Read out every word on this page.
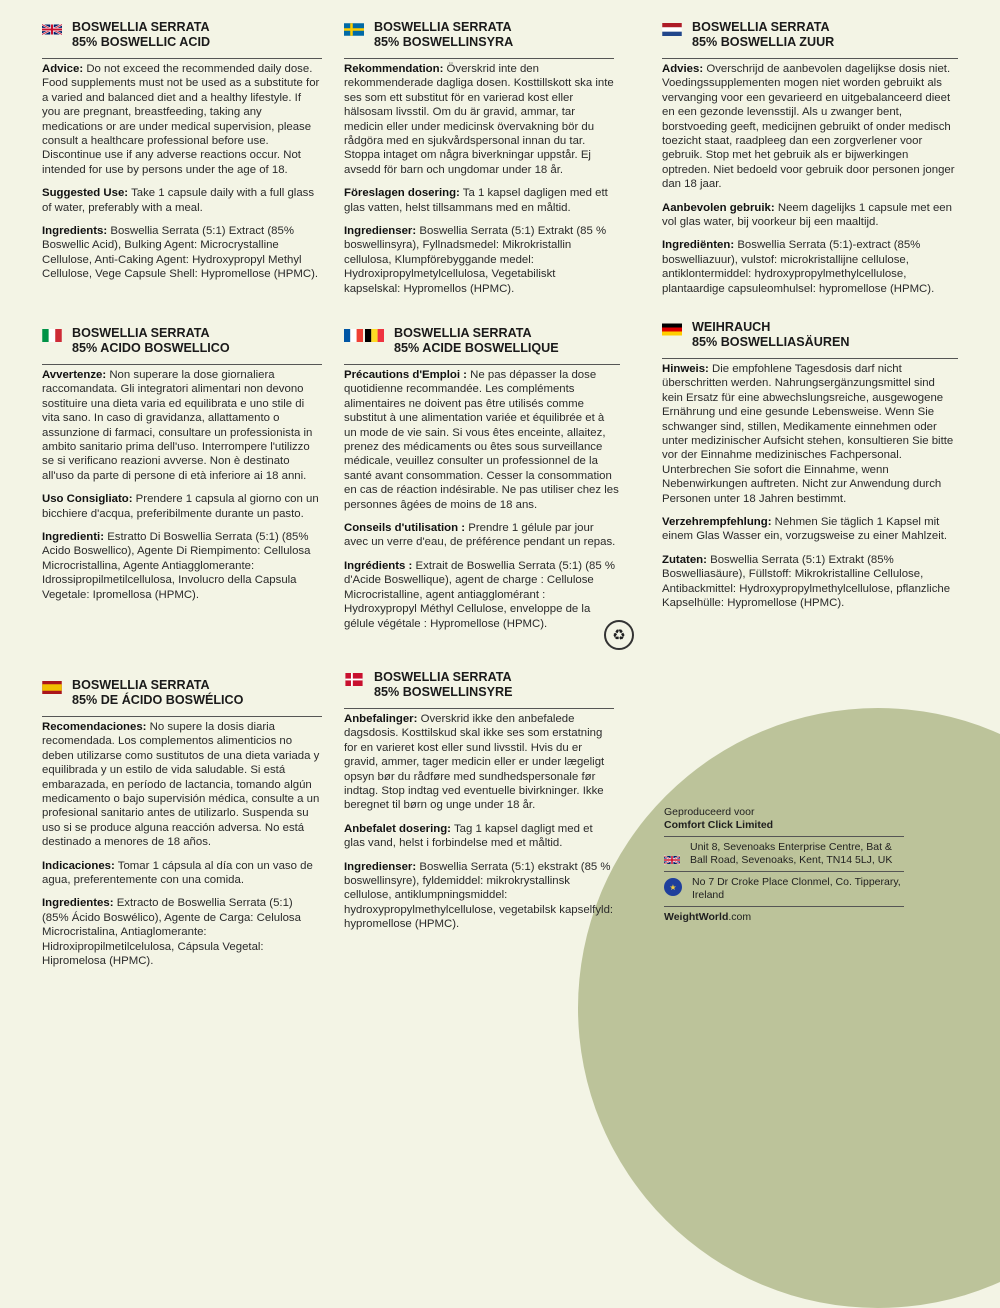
BOSWELLIA SERRATA
85% BOSWELLIC ACID

Advice: Do not exceed the recommended daily dose. Food supplements must not be used as a substitute for a varied and balanced diet and a healthy lifestyle. If you are pregnant, breastfeeding, taking any medications or are under medical supervision, please consult a healthcare professional before use. Discontinue use if any adverse reactions occur. Not intended for use by persons under the age of 18.

Suggested Use: Take 1 capsule daily with a full glass of water, preferably with a meal.

Ingredients: Boswellia Serrata (5:1) Extract (85% Boswellic Acid), Bulking Agent: Microcrystalline Cellulose, Anti-Caking Agent: Hydroxypropyl Methyl Cellulose, Vege Capsule Shell: Hypromellose (HPMC).

BOSWELLIA SERRATA
85% BOSWELLINSYRA

Rekommendation: Överskrid inte den rekommenderade dagliga dosen. Kosttillskott ska inte ses som ett substitut för en varierad kost eller hälsosam livsstil. Om du är gravid, ammar, tar medicin eller under medicinsk övervakning bör du rådgöra med en sjukvårdspersonal innan du tar. Stoppa intaget om några biverkningar uppstår. Ej avsedd för barn och ungdomar under 18 år.

Föreslagen dosering: Ta 1 kapsel dagligen med ett glas vatten, helst tillsammans med en måltid.

Ingredienser: Boswellia Serrata (5:1) Extrakt (85 % boswellinsyra), Fyllnadsmedel: Mikrokristallin cellulosa, Klumpförebyggande medel: Hydroxipropylmetylcellulosa, Vegetabiliskt kapselskal: Hypromellos (HPMC).

BOSWELLIA SERRATA
85% BOSWELLIA ZUUR

Advies: Overschrijd de aanbevolen dagelijkse dosis niet. Voedingssupplementen mogen niet worden gebruikt als vervanging voor een gevarieerd en uitgebalanceerd dieet en een gezonde levensstijl. Als u zwanger bent, borstvoeding geeft, medicijnen gebruikt of onder medisch toezicht staat, raadpleeg dan een zorgverlener voor gebruik. Stop met het gebruik als er bijwerkingen optreden. Niet bedoeld voor gebruik door personen jonger dan 18 jaar.

Aanbevolen gebruik: Neem dagelijks 1 capsule met een vol glas water, bij voorkeur bij een maaltijd.

Ingrediënten: Boswellia Serrata (5:1)-extract (85% boswelliazuur), vulstof: microkristallijne cellulose, antiklontermiddel: hydroxypropylmethylcellulose, plantaardige capsuleomhulsel: hypromellose (HPMC).

BOSWELLIA SERRATA
85% ACIDO BOSWELLICO

Avvertenze: Non superare la dose giornaliera raccomandata. Gli integratori alimentari non devono sostituire una dieta varia ed equilibrata e uno stile di vita sano. In caso di gravidanza, allattamento o assunzione di farmaci, consultare un professionista in ambito sanitario prima dell'uso. Interrompere l'utilizzo se si verificano reazioni avverse. Non è destinato all'uso da parte di persone di età inferiore ai 18 anni.

Uso Consigliato: Prendere 1 capsula al giorno con un bicchiere d'acqua, preferibilmente durante un pasto.

Ingredienti: Estratto Di Boswellia Serrata (5:1) (85% Acido Boswellico), Agente Di Riempimento: Cellulosa Microcristallina, Agente Antiagglomerante: Idrossipropilmetilcellulosa, Involucro della Capsula Vegetale: Ipromellosa (HPMC).

BOSWELLIA SERRATA
85% ACIDE BOSWELLIQUE

Précautions d'Emploi : Ne pas dépasser la dose quotidienne recommandée. Les compléments alimentaires ne doivent pas être utilisés comme substitut à une alimentation variée et équilibrée et à un mode de vie sain. Si vous êtes enceinte, allaitez, prenez des médicaments ou êtes sous surveillance médicale, veuillez consulter un professionnel de la santé avant consommation. Cesser la consommation en cas de réaction indésirable. Ne pas utiliser chez les personnes âgées de moins de 18 ans.

Conseils d'utilisation : Prendre 1 gélule par jour avec un verre d'eau, de préférence pendant un repas.

Ingrédients : Extrait de Boswellia Serrata (5:1) (85 % d'Acide Boswellique), agent de charge : Cellulose Microcristalline, agent antiagglomérant : Hydroxypropyl Méthyl Cellulose, enveloppe de la gélule végétale : Hypromellose (HPMC).

♻
WEIHRAUCH
85% BOSWELLIASÄUREN

Hinweis: Die empfohlene Tagesdosis darf nicht überschritten werden. Nahrungsergänzungsmittel sind kein Ersatz für eine abwechslungsreiche, ausgewogene Ernährung und eine gesunde Lebensweise. Wenn Sie schwanger sind, stillen, Medikamente einnehmen oder unter medizinischer Aufsicht stehen, konsultieren Sie bitte vor der Einnahme medizinisches Fachpersonal. Unterbrechen Sie sofort die Einnahme, wenn Nebenwirkungen auftreten. Nicht zur Anwendung durch Personen unter 18 Jahren bestimmt.

Verzehrempfehlung: Nehmen Sie täglich 1 Kapsel mit einem Glas Wasser ein, vorzugsweise zu einer Mahlzeit.

Zutaten: Boswellia Serrata (5:1) Extrakt (85% Boswelliasäure), Füllstoff: Mikrokristalline Cellulose, Antibackmittel: Hydroxypropylmethylcellulose, pflanzliche Kapselhülle: Hypromellose (HPMC).

BOSWELLIA SERRATA
85% DE ÁCIDO BOSWÉLICO

Recomendaciones: No supere la dosis diaria recomendada. Los complementos alimenticios no deben utilizarse como sustitutos de una dieta variada y equilibrada y un estilo de vida saludable. Si está embarazada, en período de lactancia, tomando algún medicamento o bajo supervisión médica, consulte a un profesional sanitario antes de utilizarlo. Suspenda su uso si se produce alguna reacción adversa. No está destinado a menores de 18 años.

Indicaciones: Tomar 1 cápsula al día con un vaso de agua, preferentemente con una comida.

Ingredientes: Extracto de Boswellia Serrata (5:1) (85% Ácido Boswélico), Agente de Carga: Celulosa Microcristalina, Antiaglomerante: Hidroxipropilmetilcelulosa, Cápsula Vegetal: Hipromelosa (HPMC).

BOSWELLIA SERRATA
85% BOSWELLINSYRE

Anbefalinger: Overskrid ikke den anbefalede dagsdosis. Kosttilskud skal ikke ses som erstatning for en varieret kost eller sund livsstil. Hvis du er gravid, ammer, tager medicin eller er under lægeligt opsyn bør du rådføre med sundhedspersonale før indtag. Stop indtag ved eventuelle bivirkninger. Ikke beregnet til børn og unge under 18 år.

Anbefalet dosering: Tag 1 kapsel dagligt med et glas vand, helst i forbindelse med et måltid.

Ingredienser: Boswellia Serrata (5:1) ekstrakt (85 % boswellinsyre), fyldemiddel: mikrokrystallinsk cellulose, antiklumpningsmiddel: hydroxypropylmethylcellulose, vegetabilsk kapselfyld: hypromellose (HPMC).

Geproduceerd voor
Comfort Click Limited
Unit 8, Sevenoaks Enterprise Centre, Bat & Ball Road, Sevenoaks, Kent, TN14 5LJ, UK
★	No 7 Dr Croke Place Clonmel, Co. Tipperary, Ireland
WeightWorld.com
